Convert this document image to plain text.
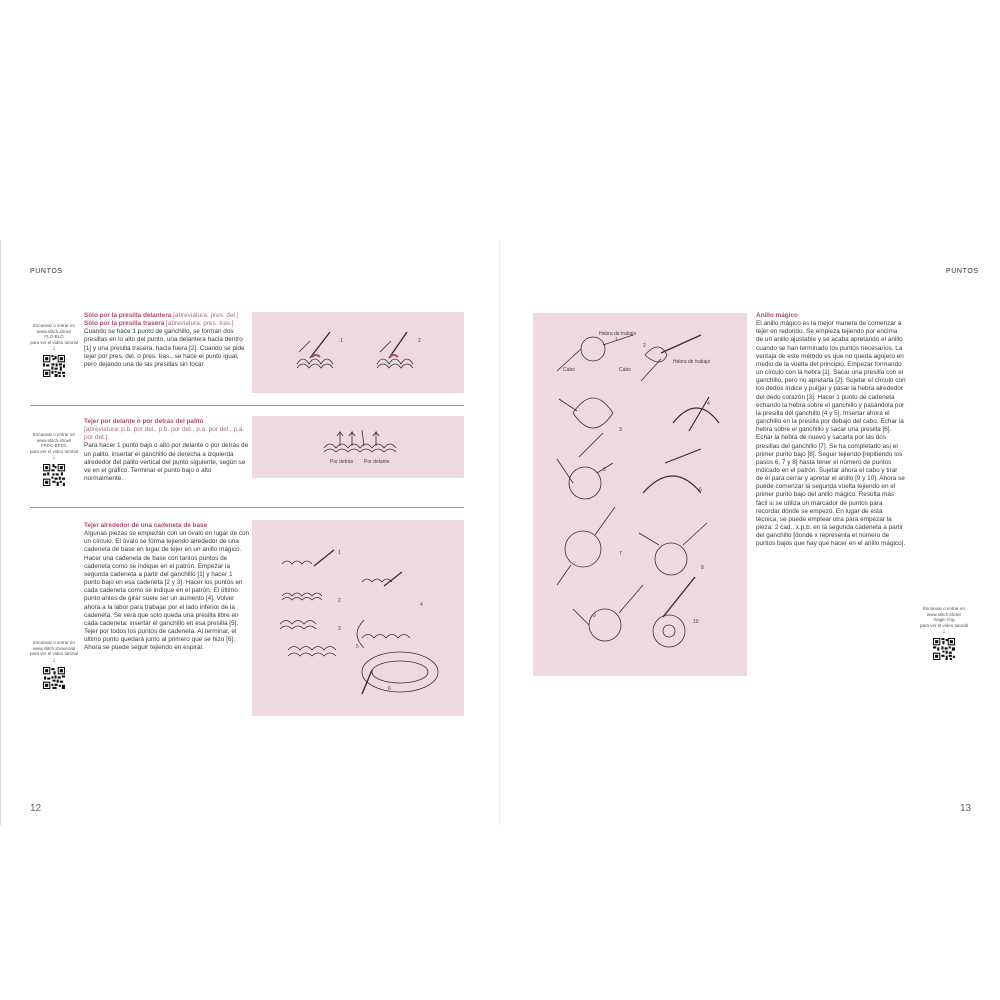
PUNTOS	PUNTOS
Escanear o entrar en
www.stitch.show/
FLO-BLO
para ver el video tutorial
↓

Solo por la presilla delantera [abreviatura: pres. del.]

Solo por la presilla trasera [abreviatura: pres. tras.]

Cuando se hace 1 punto de ganchillo, se forman dos presillas en lo alto del punto, una delantera hacia dentro [1] y una presilla trasera, hacia fuera [2]. Cuando se pide tejer por pres. del. o pres. tras., se hace el punto igual, pero dejando una de las presillas sin tocar.

1	2
Escanear o entrar en
www.stitch.show/
FPDC-BPDC
para ver el video tutorial
↓

Tejer por delante o por detrás del palito

[abreviatura: p.b. por del., p.b. por det., p.a. por del., p.a. por det.]

Para hacer 1 punto bajo o alto por delante o por detrás de un palito, insertar el ganchillo de derecha a izquierda alrededor del palito vertical del punto siguiente, según se ve en el gráfico. Terminar el punto bajo o alto normalmente.

Por detrás Por delante
Escanear o entrar en
www.stitch.show/oval
para ver el video tutorial
↓

Tejer alrededor de una cadeneta de base

Algunas piezas se empiezan con un óvalo en lugar de con un círculo. El óvalo se forma tejiendo alrededor de una cadeneta de base en lugar de tejer en un anillo mágico. Hacer una cadeneta de base con tantos puntos de cadeneta como se indique en el patrón. Empezar la segunda cadeneta a partir del ganchillo [1] y hacer 1 punto bajo en esa cadeneta [2 y 3]. Hacer los puntos en cada cadeneta como se indique en el patrón. El último punto antes de girar suele ser un aumento [4]. Volver ahora a la labor para trabajar por el lado inferior de la cadeneta. Se verá que solo queda una presilla libre en cada cadeneta: insertar el ganchillo en esa presilla [5]. Tejer por todos los puntos de cadeneta. Al terminar, el último punto quedará junto al primero que se hizo [6]. Ahora se puede seguir tejiendo en espiral.

1
2
3
4
5
6
12
Hebra de trabajo
Hebra de trabajo
Cabo	Cabo
1
2
3
4
5
6
7
8
9
10

Anillo mágico

El anillo mágico es la mejor manera de comenzar a tejer en redondo. Se empieza tejiendo por encima de un anillo ajustable y se acaba apretando el anillo cuando se han terminado los puntos necesarios. La ventaja de este método es que no queda agujero en medio de la vuelta del principio. Empezar formando un círculo con la hebra [1]. Sacar una presilla con el ganchillo, pero no apretarla [2]. Sujetar el círculo con los dedos índice y pulgar y pasar la hebra alrededor del dedo corazón [3]. Hacer 1 punto de cadeneta echando la hebra sobre el ganchillo y pasándola por la presilla del ganchillo [4 y 5]. Insertar ahora el ganchillo en la presilla por debajo del cabo. Echar la hebra sobre el ganchillo y sacar una presilla [6]. Echar la hebra de nuevo y sacarla por las dos presillas del ganchillo [7]. Se ha completado así el primer punto bajo [8]. Seguir tejiendo [repitiendo los pasos 6, 7 y 8] hasta tener el número de puntos indicado en el patrón. Sujetar ahora el cabo y tirar de él para cerrar y apretar el anillo [9 y 10]. Ahora se puede comenzar la segunda vuelta tejiendo en el primer punto bajo del anillo mágico. Resulta más fácil si se utiliza un marcador de puntos para recordar dónde se empezó. En lugar de esta técnica, se puede emplear otra para empezar la pieza: 2 cad., x.p.b. en la segunda cadeneta a partir del ganchillo [donde x representa el número de puntos bajos que hay que hacer en el anillo mágico].

Escanear o entrar en
www.stitch.show/
magic-ring
para ver el video tutorial
↓
13
